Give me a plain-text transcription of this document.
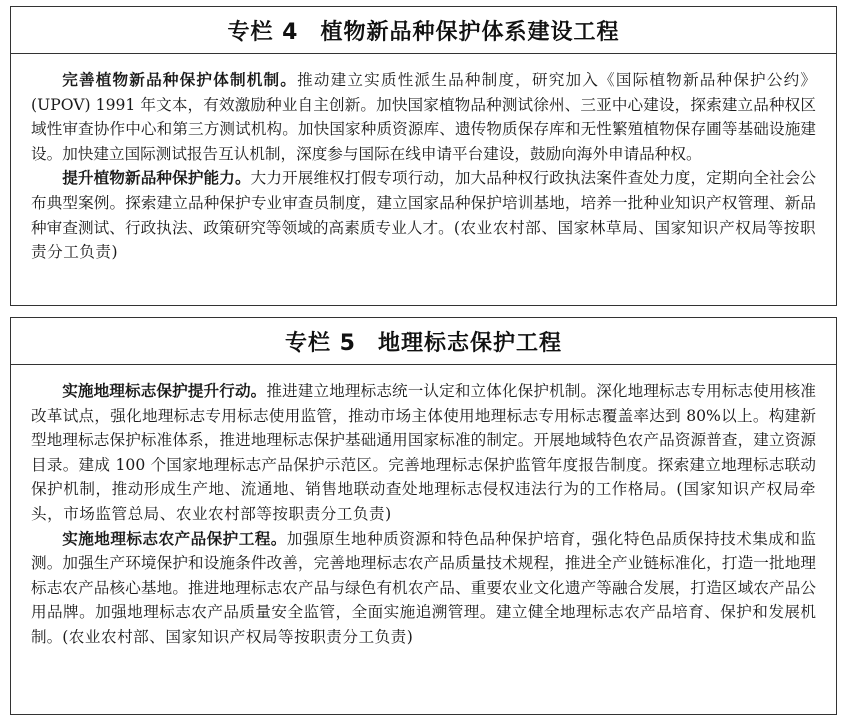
专栏 4 植物新品种保护体系建设工程

完善植物新品种保护体制机制。推动建立实质性派生品种制度，研究加入《国际植物新品种保护公约》(UPOV) 1991 年文本，有效激励种业自主创新。加快国家植物品种测试徐州、三亚中心建设，探索建立品种权区域性审查协作中心和第三方测试机构。加快国家种质资源库、遗传物质保存库和无性繁殖植物保存圃等基础设施建设。加快建立国际测试报告互认机制，深度参与国际在线申请平台建设，鼓励向海外申请品种权。

提升植物新品种保护能力。大力开展维权打假专项行动，加大品种权行政执法案件查处力度，定期向全社会公布典型案例。探索建立品种保护专业审查员制度，建立国家品种保护培训基地，培养一批种业知识产权管理、新品种审查测试、行政执法、政策研究等领域的高素质专业人才。(农业农村部、国家林草局、国家知识产权局等按职责分工负责)

专栏 5 地理标志保护工程

实施地理标志保护提升行动。推进建立地理标志统一认定和立体化保护机制。深化地理标志专用标志使用核准改革试点，强化地理标志专用标志使用监管，推动市场主体使用地理标志专用标志覆盖率达到 80%以上。构建新型地理标志保护标准体系，推进地理标志保护基础通用国家标准的制定。开展地域特色农产品资源普查，建立资源目录。建成 100 个国家地理标志产品保护示范区。完善地理标志保护监管年度报告制度。探索建立地理标志联动保护机制，推动形成生产地、流通地、销售地联动查处地理标志侵权违法行为的工作格局。(国家知识产权局牵头，市场监管总局、农业农村部等按职责分工负责)

实施地理标志农产品保护工程。加强原生地种质资源和特色品种保护培育，强化特色品质保持技术集成和监测。加强生产环境保护和设施条件改善，完善地理标志农产品质量技术规程，推进全产业链标准化，打造一批地理标志农产品核心基地。推进地理标志农产品与绿色有机农产品、重要农业文化遗产等融合发展，打造区域农产品公用品牌。加强地理标志农产品质量安全监管，全面实施追溯管理。建立健全地理标志农产品培育、保护和发展机制。(农业农村部、国家知识产权局等按职责分工负责)
